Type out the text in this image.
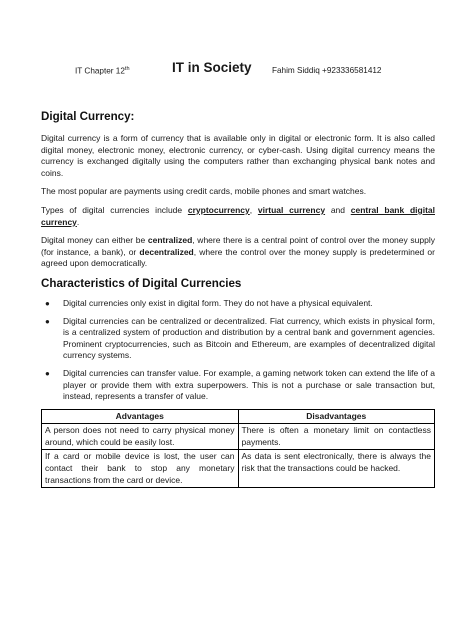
IT Chapter 12th	IT in Society Fahim Siddiq +923336581412
Digital Currency:

Digital currency is a form of currency that is available only in digital or electronic form. It is also called digital money, electronic money, electronic currency, or cyber-cash. Using digital currency means the currency is exchanged digitally using the computers rather than exchanging physical bank notes and coins.

The most popular are payments using credit cards, mobile phones and smart watches.

Types of digital currencies include cryptocurrency, virtual currency and central bank digital currency.

Digital money can either be centralized, where there is a central point of control over the money supply (for instance, a bank), or decentralized, where the control over the money supply is predetermined or agreed upon democratically.

Characteristics of Digital Currencies
● Digital currencies only exist in digital form. They do not have a physical equivalent.
● Digital currencies can be centralized or decentralized. Fiat currency, which exists in physical form, is a centralized system of production and distribution by a central bank and government agencies. Prominent cryptocurrencies, such as Bitcoin and Ethereum, are examples of decentralized digital currency systems.
● Digital currencies can transfer value. For example, a gaming network token can extend the life of a player or provide them with extra superpowers. This is not a purchase or sale transaction but, instead, represents a transfer of value.
Advantages	Disadvantages
A person does not need to carry physical money around, which could be easily lost.	There is often a monetary limit on contactless payments.
If a card or mobile device is lost, the user can contact their bank to stop any monetary transactions from the card or device.	As data is sent electronically, there is always the risk that the transactions could be hacked.
